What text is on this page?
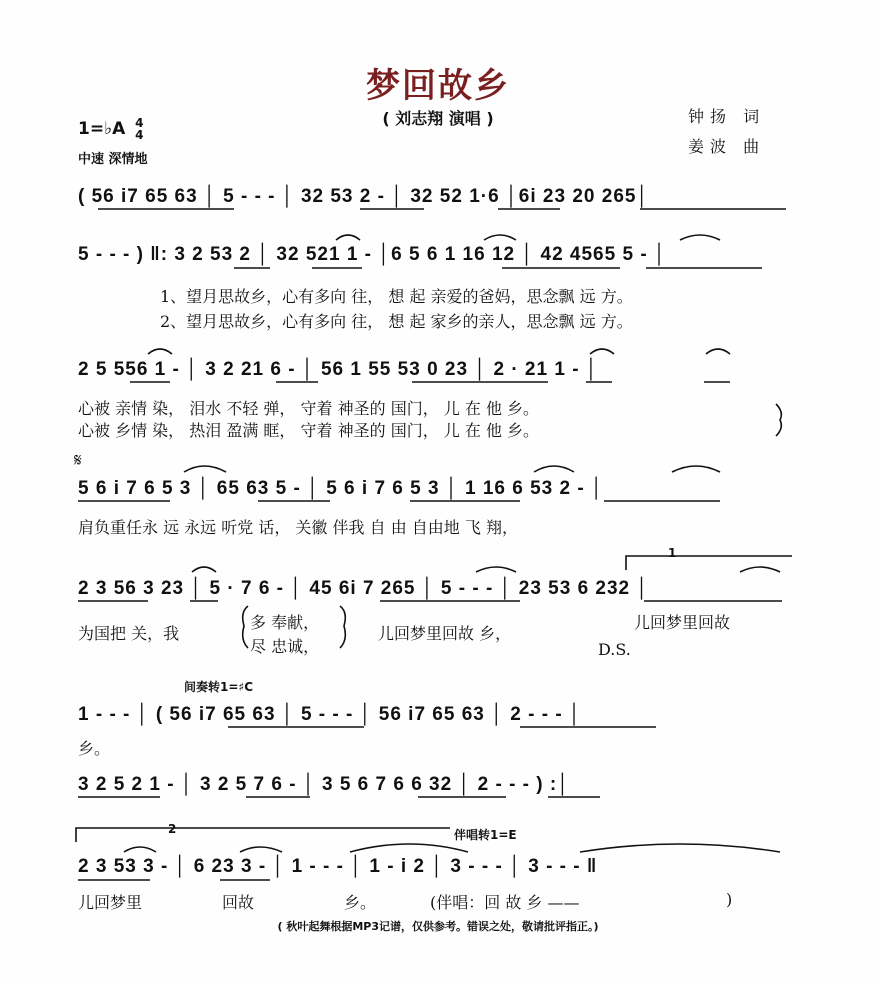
梦回故乡
( 刘志翔 演唱 )	钟扬 词
姜波 曲
1=♭A 4
4
中速 深情地
( 56 i7 65 63 │ 5 - - - │ 32 53 2 - │ 32 52 1·6 │6i 23 20 265│
5 - - - ) ‖: 3 2 53 2 │ 32 521 1 - │6 5 6 1 16 12 │ 42 4565 5 - │
1、望月思故乡，心有多向 往， 想 起 亲爱的爸妈，思念飘 远 方。
2、望月思故乡，心有多向 往， 想 起 家乡的亲人，思念飘 远 方。
2 5 556 1 - │ 3 2 21 6 - │ 56 1 55 53 0 23 │ 2 · 21 1 - │
心被 亲情 染， 泪水 不轻 弹， 守着 神圣的 国门， 儿 在 他 乡。
心被 乡情 染， 热泪 盈满 眶， 守着 神圣的 国门， 儿 在 他 乡。
𝄋
5 6 i 7 6 5 3 │ 65 63 5 - │ 5 6 i 7 6 5 3 │ 1 16 6 53 2 - │
肩负重任永 远 永远 听党 话， 关徽 伴我 自 由 自由地 飞 翔，
1
2 3 56 3 23 │ 5 · 7 6 - │ 45 6i 7 265 │ 5 - - - │ 23 53 6 232 │
为国把 关，我
多 奉献，
尽 忠诚，
儿回梦里回故 乡，
儿回梦里回故
D.S.
间奏转1=♯C
1 - - - │ ( 56 i7 65 63 │ 5 - - - │ 56 i7 65 63 │ 2 - - - │
乡。
3 2 5 2 1 - │ 3 2 5 7 6 - │ 3 5 6 7 6 6 32 │ 2 - - - ) :│
2	伴唱转1=E
2 3 53 3 - │ 6 23 3 - │ 1 - - - │ 1 - i 2 │ 3 - - - │ 3 - - - ‖
儿回梦里	回故	乡。	(伴唱：回 故 乡 ——	)
( 秋叶起舞根据MP3记谱，仅供参考。错误之处，敬请批评指正。)
